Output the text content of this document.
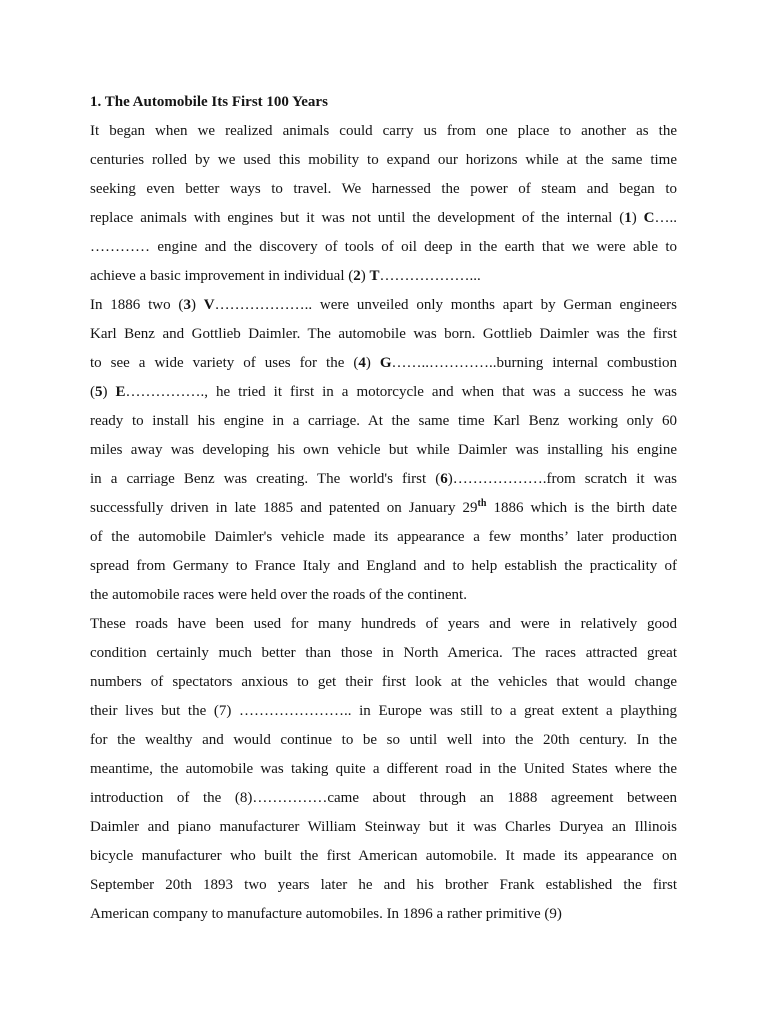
1. The Automobile Its First 100 Years
It began when we realized animals could carry us from one place to another as the
centuries rolled by we used this mobility to expand our horizons while at the same time
seeking even better ways to travel. We harnessed the power of steam and began to
replace animals with engines but it was not until the development of the internal (1) C…..
………… engine and the discovery of tools of oil deep in the earth that we were able to
achieve a basic improvement in individual (2) T………………...
In 1886 two (3) V……………….. were unveiled only months apart by German engineers
Karl Benz and Gottlieb Daimler. The automobile was born. Gottlieb Daimler was the first
to see a wide variety of uses for the (4) G……..…………..burning internal combustion
(5) E……………., he tried it first in a motorcycle and when that was a success he was
ready to install his engine in a carriage. At the same time Karl Benz working only 60
miles away was developing his own vehicle but while Daimler was installing his engine
in a carriage Benz was creating. The world's first (6)……………….from scratch it was
successfully driven in late 1885 and patented on January 29th 1886 which is the birth date
of the automobile Daimler's vehicle made its appearance a few months’ later production
spread from Germany to France Italy and England and to help establish the practicality of
the automobile races were held over the roads of the continent.
These roads have been used for many hundreds of years and were in relatively good
condition certainly much better than those in North America. The races attracted great
numbers of spectators anxious to get their first look at the vehicles that would change
their lives but the (7) ………………….. in Europe was still to a great extent a plaything
for the wealthy and would continue to be so until well into the 20th century. In the
meantime, the automobile was taking quite a different road in the United States where the
introduction of the (8)……………came about through an 1888 agreement between
Daimler and piano manufacturer William Steinway but it was Charles Duryea an Illinois
bicycle manufacturer who built the first American automobile. It made its appearance on
September 20th 1893 two years later he and his brother Frank established the first
American company to manufacture automobiles. In 1896 a rather primitive (9)
